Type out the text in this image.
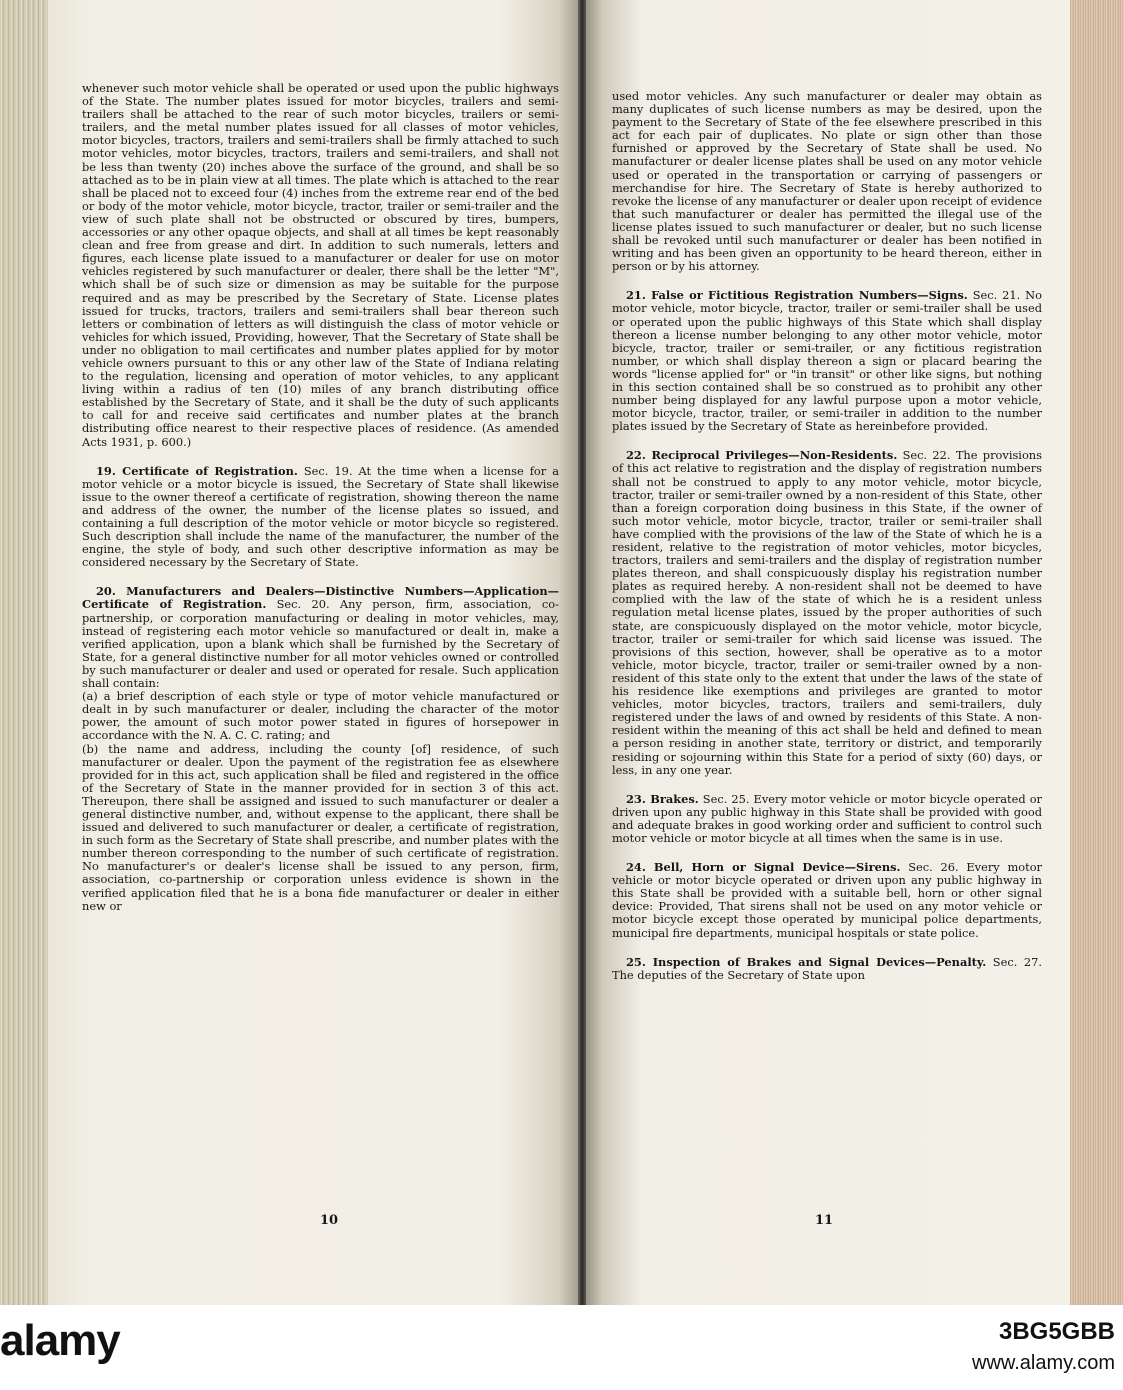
whenever such motor vehicle shall be operated or used upon the public highways of the State. The number plates issued for motor bicycles, trailers and semi-trailers shall be attached to the rear of such motor bicycles, trailers or semi-trailers, and the metal number plates issued for all classes of motor vehicles, motor bicycles, tractors, trailers and semi-trailers shall be firmly attached to such motor vehicles, motor bicycles, tractors, trailers and semi-trailers, and shall not be less than twenty (20) inches above the surface of the ground, and shall be so attached as to be in plain view at all times. The plate which is attached to the rear shall be placed not to exceed four (4) inches from the extreme rear end of the bed or body of the motor vehicle, motor bicycle, tractor, trailer or semi-trailer and the view of such plate shall not be obstructed or obscured by tires, bumpers, accessories or any other opaque objects, and shall at all times be kept reasonably clean and free from grease and dirt. In addition to such numerals, letters and figures, each license plate issued to a manufacturer or dealer for use on motor vehicles registered by such manufacturer or dealer, there shall be the letter "M", which shall be of such size or dimension as may be suitable for the purpose required and as may be prescribed by the Secretary of State. License plates issued for trucks, tractors, trailers and semi-trailers shall bear thereon such letters or combination of letters as will distinguish the class of motor vehicle or vehicles for which issued, Providing, however, That the Secretary of State shall be under no obligation to mail certificates and number plates applied for by motor vehicle owners pursuant to this or any other law of the State of Indiana relating to the regulation, licensing and operation of motor vehicles, to any applicant living within a radius of ten (10) miles of any branch distributing office established by the Secretary of State, and it shall be the duty of such applicants to call for and receive said certificates and number plates at the branch distributing office nearest to their respective places of residence. (As amended Acts 1931, p. 600.)

19. Certificate of Registration. Sec. 19. At the time when a license for a motor vehicle or a motor bicycle is issued, the Secretary of State shall likewise issue to the owner thereof a certificate of registration, showing thereon the name and address of the owner, the number of the license plates so issued, and containing a full description of the motor vehicle or motor bicycle so registered. Such description shall include the name of the manufacturer, the number of the engine, the style of body, and such other descriptive information as may be considered necessary by the Secretary of State.

20. Manufacturers and Dealers—Distinctive Numbers—Application—Certificate of Registration. Sec. 20. Any person, firm, association, co-partnership, or corporation manufacturing or dealing in motor vehicles, may, instead of registering each motor vehicle so manufactured or dealt in, make a verified application, upon a blank which shall be furnished by the Secretary of State, for a general distinctive number for all motor vehicles owned or controlled by such manufacturer or dealer and used or operated for resale. Such application shall contain:

(a) a brief description of each style or type of motor vehicle manufactured or dealt in by such manufacturer or dealer, including the character of the motor power, the amount of such motor power stated in figures of horsepower in accordance with the N. A. C. C. rating; and

(b) the name and address, including the county [of] residence, of such manufacturer or dealer. Upon the payment of the registration fee as elsewhere provided for in this act, such application shall be filed and registered in the office of the Secretary of State in the manner provided for in section 3 of this act. Thereupon, there shall be assigned and issued to such manufacturer or dealer a general distinctive number, and, without expense to the applicant, there shall be issued and delivered to such manufacturer or dealer, a certificate of registration, in such form as the Secretary of State shall prescribe, and number plates with the number thereon corresponding to the number of such certificate of registration. No manufacturer's or dealer's license shall be issued to any person, firm, association, co-partnership or corporation unless evidence is shown in the verified application filed that he is a bona fide manufacturer or dealer in either new or

used motor vehicles. Any such manufacturer or dealer may obtain as many duplicates of such license numbers as may be desired, upon the payment to the Secretary of State of the fee elsewhere prescribed in this act for each pair of duplicates. No plate or sign other than those furnished or approved by the Secretary of State shall be used. No manufacturer or dealer license plates shall be used on any motor vehicle used or operated in the transportation or carrying of passengers or merchandise for hire. The Secretary of State is hereby authorized to revoke the license of any manufacturer or dealer upon receipt of evidence that such manufacturer or dealer has permitted the illegal use of the license plates issued to such manufacturer or dealer, but no such license shall be revoked until such manufacturer or dealer has been notified in writing and has been given an opportunity to be heard thereon, either in person or by his attorney.

21. False or Fictitious Registration Numbers—Signs. Sec. 21. No motor vehicle, motor bicycle, tractor, trailer or semi-trailer shall be used or operated upon the public highways of this State which shall display thereon a license number belonging to any other motor vehicle, motor bicycle, tractor, trailer or semi-trailer, or any fictitious registration number, or which shall display thereon a sign or placard bearing the words "license applied for" or "in transit" or other like signs, but nothing in this section contained shall be so construed as to prohibit any other number being displayed for any lawful purpose upon a motor vehicle, motor bicycle, tractor, trailer, or semi-trailer in addition to the number plates issued by the Secretary of State as hereinbefore provided.

22. Reciprocal Privileges—Non-Residents. Sec. 22. The provisions of this act relative to registration and the display of registration numbers shall not be construed to apply to any motor vehicle, motor bicycle, tractor, trailer or semi-trailer owned by a non-resident of this State, other than a foreign corporation doing business in this State, if the owner of such motor vehicle, motor bicycle, tractor, trailer or semi-trailer shall have complied with the provisions of the law of the State of which he is a resident, relative to the registration of motor vehicles, motor bicycles, tractors, trailers and semi-trailers and the display of registration number plates thereon, and shall conspicuously display his registration number plates as required hereby. A non-resident shall not be deemed to have complied with the law of the state of which he is a resident unless regulation metal license plates, issued by the proper authorities of such state, are conspicuously displayed on the motor vehicle, motor bicycle, tractor, trailer or semi-trailer for which said license was issued. The provisions of this section, however, shall be operative as to a motor vehicle, motor bicycle, tractor, trailer or semi-trailer owned by a non-resident of this state only to the extent that under the laws of the state of his residence like exemptions and privileges are granted to motor vehicles, motor bicycles, tractors, trailers and semi-trailers, duly registered under the laws of and owned by residents of this State. A non-resident within the meaning of this act shall be held and defined to mean a person residing in another state, territory or district, and temporarily residing or sojourning within this State for a period of sixty (60) days, or less, in any one year.

23. Brakes. Sec. 25. Every motor vehicle or motor bicycle operated or driven upon any public highway in this State shall be provided with good and adequate brakes in good working order and sufficient to control such motor vehicle or motor bicycle at all times when the same is in use.

24. Bell, Horn or Signal Device—Sirens. Sec. 26. Every motor vehicle or motor bicycle operated or driven upon any public highway in this State shall be provided with a suitable bell, horn or other signal device: Provided, That sirens shall not be used on any motor vehicle or motor bicycle except those operated by municipal police departments, municipal fire departments, municipal hospitals or state police.

25. Inspection of Brakes and Signal Devices—Penalty. Sec. 27. The deputies of the Secretary of State upon

10	11
alamy	3BG5GBB
www.alamy.com
